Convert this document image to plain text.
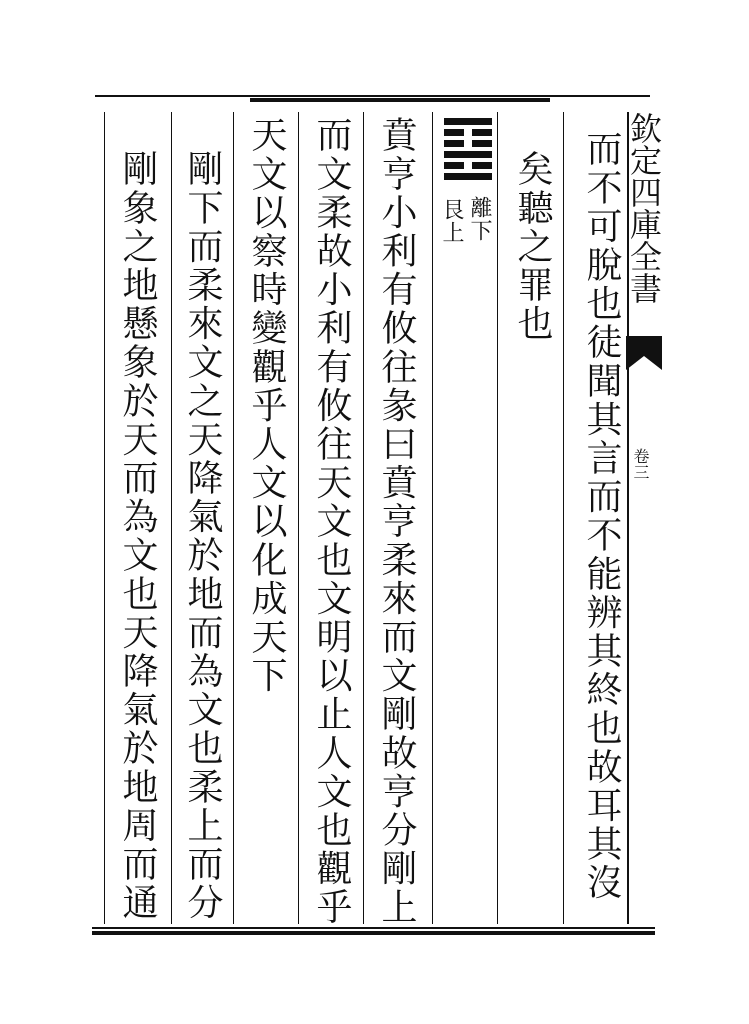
欽定四庫全書
卷三
而不可脫也徒聞其言而不能辨其終也故耳其沒
矣聽之罪也
離下
艮上
賁亨小利有攸往彖曰賁亨柔來而文剛故亨分剛上
而文柔故小利有攸往天文也文明以止人文也觀乎
天文以察時變觀乎人文以化成天下
剛下而柔來文之天降氣於地而為文也柔上而分
剛象之地懸象於天而為文也天降氣於地周而通
